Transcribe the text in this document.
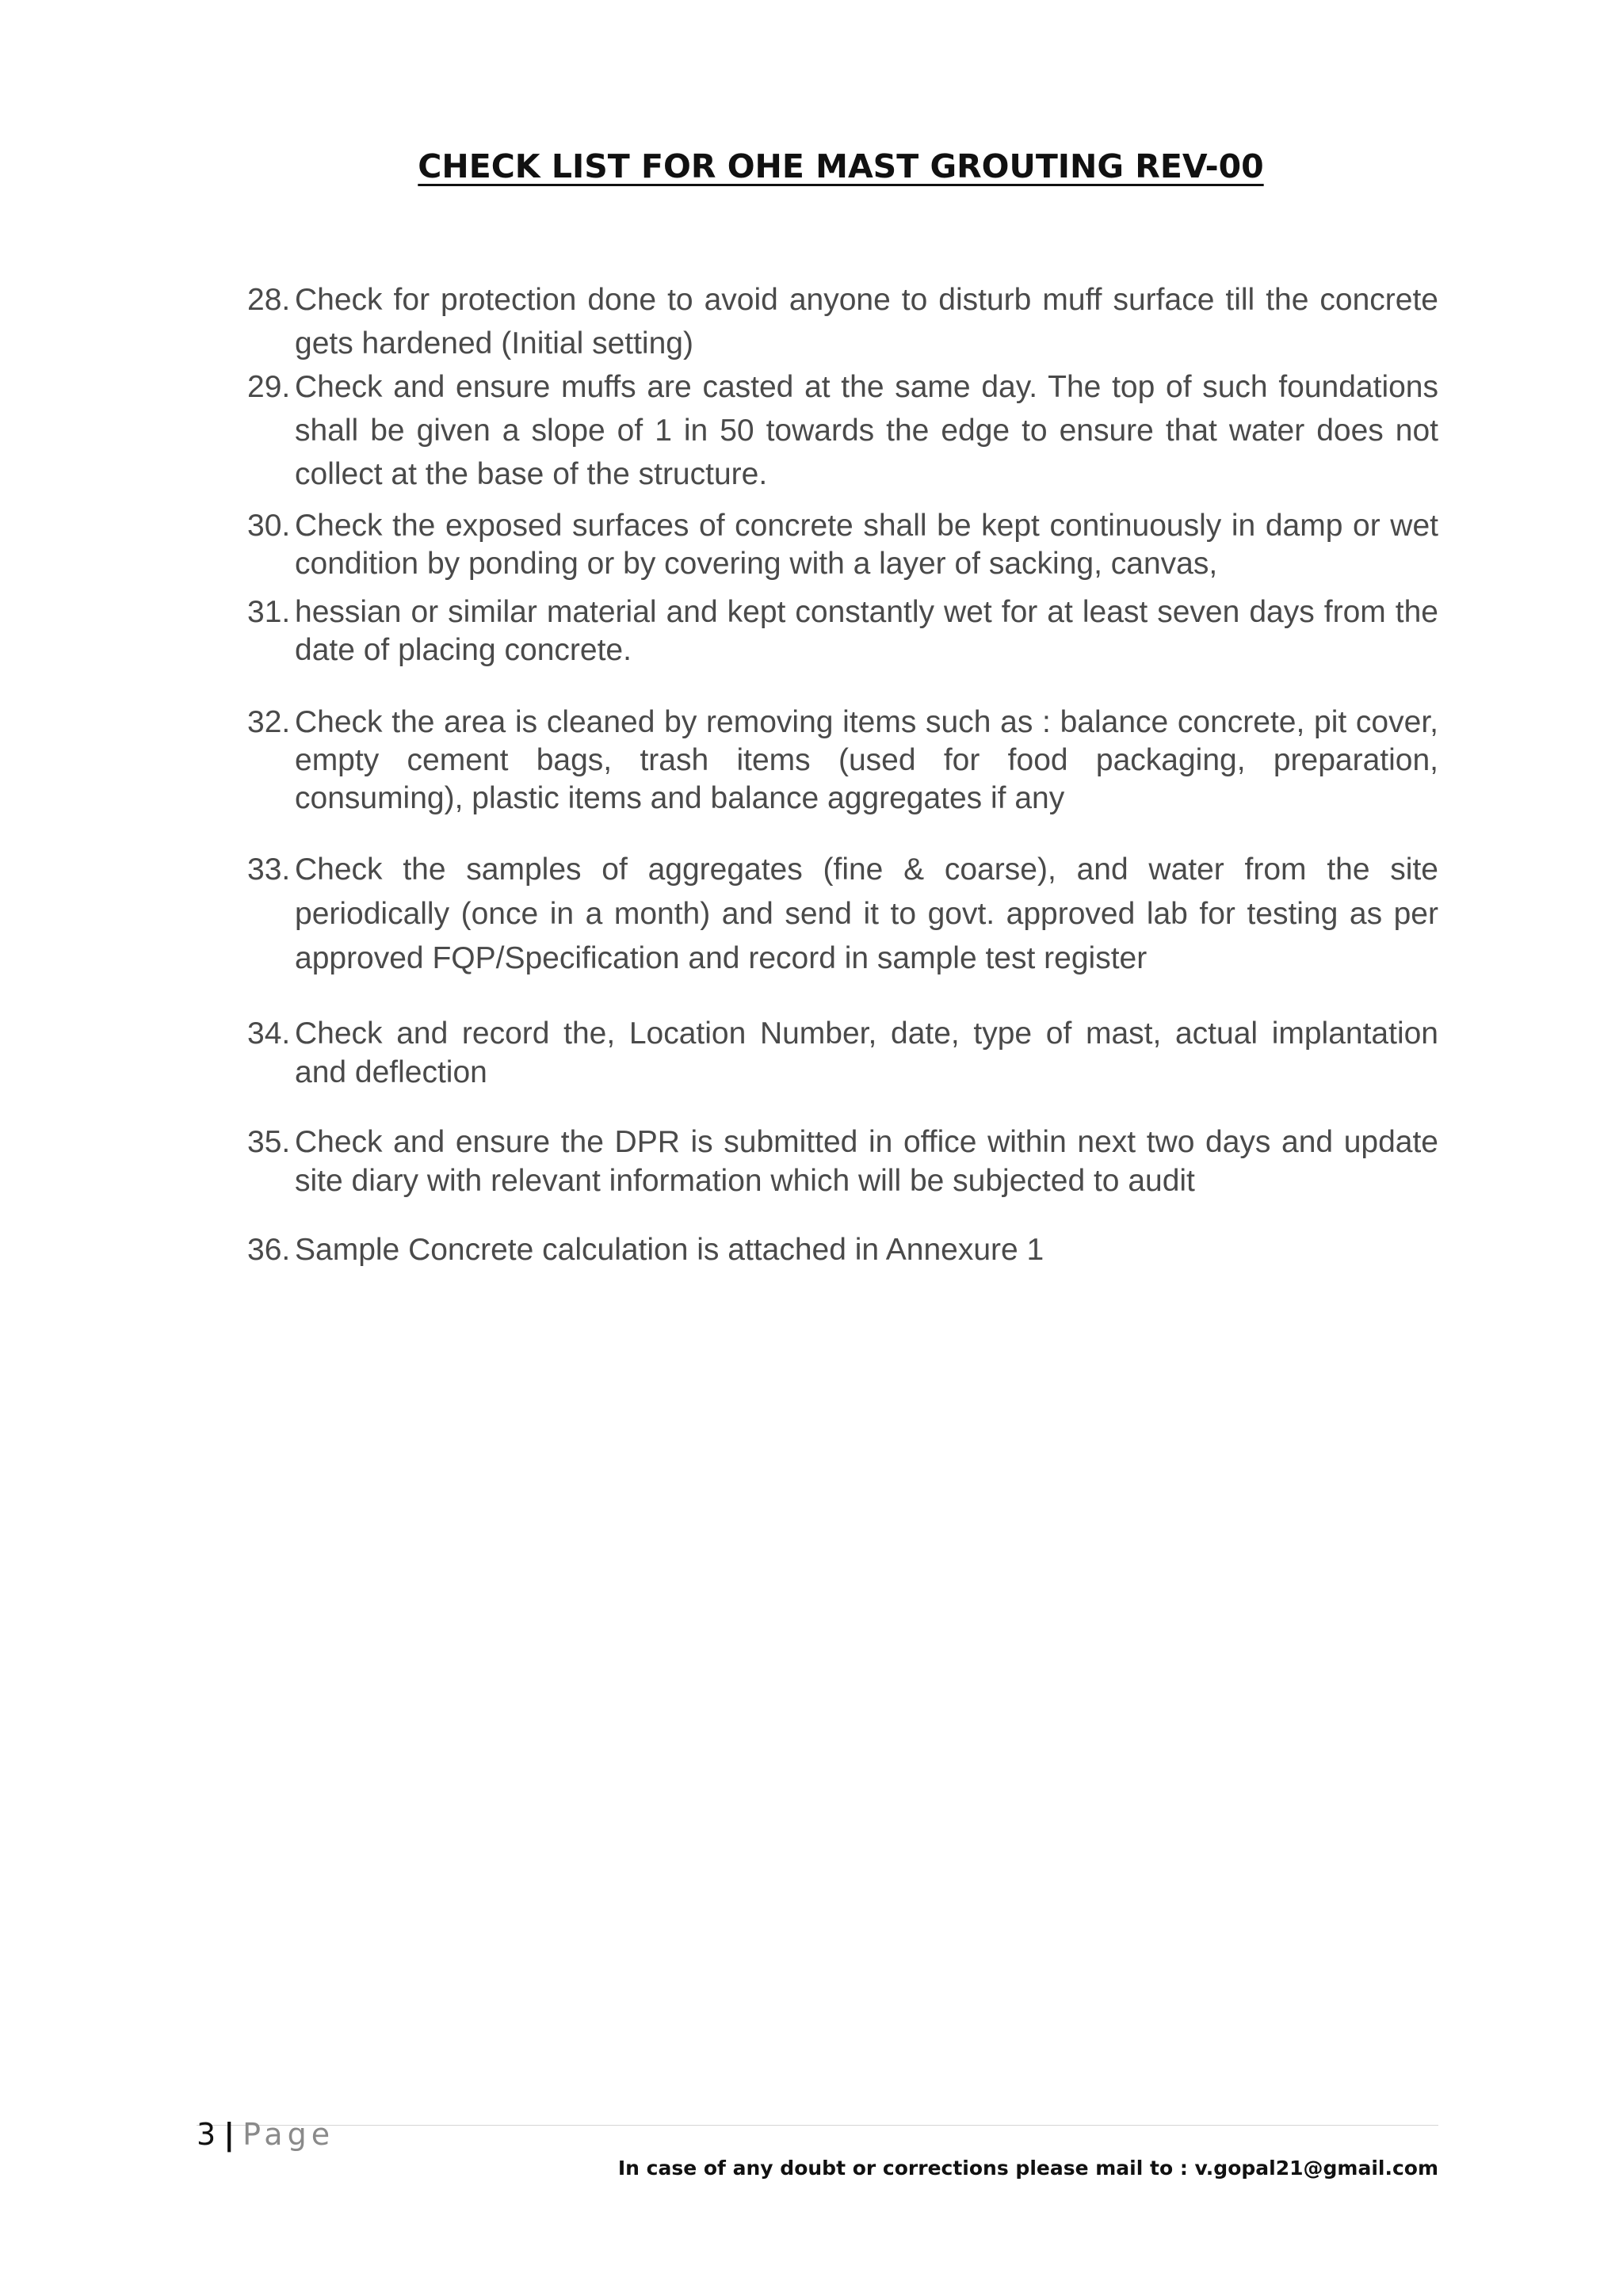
CHECK LIST FOR OHE MAST GROUTING REV-00
28. Check for protection done to avoid anyone to disturb muff surface till the concrete gets hardened (Initial setting)
29. Check and ensure muffs are casted at the same day. The top of such foundations shall be given a slope of 1 in 50 towards the edge to ensure that water does not collect at the base of the structure.
30. Check the exposed surfaces of concrete shall be kept continuously in damp or wet condition by ponding or by covering with a layer of sacking, canvas,
31. hessian or similar material and kept constantly wet for at least seven days from the date of placing concrete.
32. Check the area is cleaned by removing items such as : balance concrete, pit cover, empty cement bags, trash items (used for food packaging, preparation, consuming), plastic items and balance aggregates if any
33. Check the samples of aggregates (fine & coarse), and water from the site periodically (once in a month) and send it to govt. approved lab for testing as per approved FQP/Specification and record in sample test register
34. Check and record the, Location Number, date, type of mast, actual implantation and deflection
35. Check and ensure the DPR is submitted in office within next two days and update site diary with relevant information which will be subjected to audit
36. Sample Concrete calculation is attached in Annexure 1
3 | Page
In case of any doubt or corrections please mail to : v.gopal21@gmail.com
